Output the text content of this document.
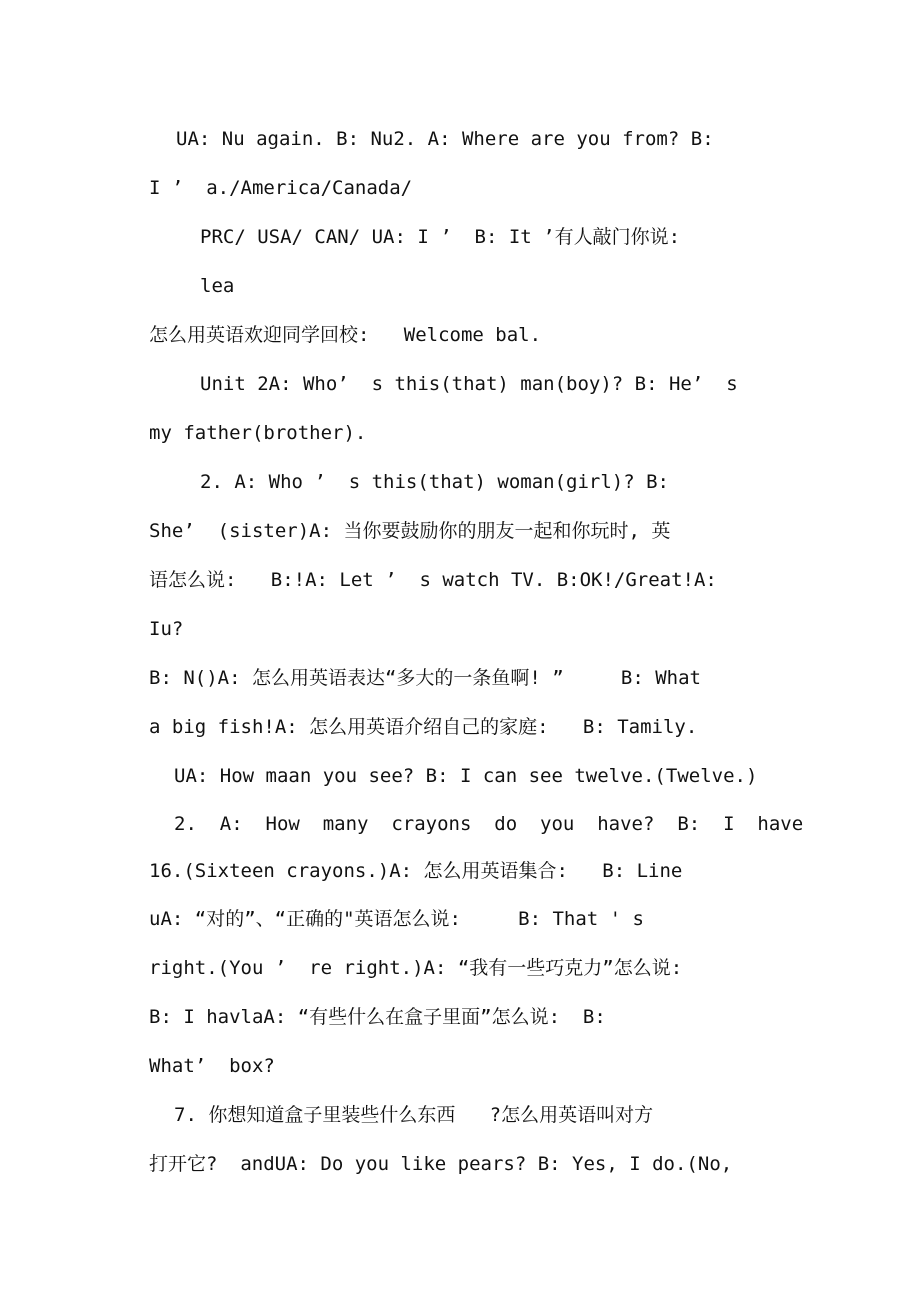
UA: Nu again. B: Nu2. A: Where are you from? B:
I ’  a./America/Canada/
PRC/ USA/ CAN/ UA: I ’  B: It ’有人敲门你说:
lea
怎么用英语欢迎同学回校:   Welcome bal.
Unit 2A: Who’  s this(that) man(boy)? B: He’  s
my father(brother).
2. A: Who ’  s this(that) woman(girl)? B:
She’  (sister)A: 当你要鼓励你的朋友一起和你玩时, 英
语怎么说:   B:!A: Let ’  s watch TV. B:OK!/Great!A:
Iu?
B: N()A: 怎么用英语表达“多大的一条鱼啊! ”     B: What
a big fish!A: 怎么用英语介绍自己的家庭:   B: Tamily.
UA: How maan you see? B: I can see twelve.(Twelve.)
2.  A:  How  many  crayons  do  you  have?  B:  I  have
16.(Sixteen crayons.)A: 怎么用英语集合:   B: Line
uA: “对的”、“正确的"英语怎么说:     B: That ' s
right.(You ’  re right.)A: “我有一些巧克力”怎么说:
B: I havlaA: “有些什么在盒子里面”怎么说:  B:
What’  box?
7. 你想知道盒子里装些什么东西   ?怎么用英语叫对方
打开它?  andUA: Do you like pears? B: Yes, I do.(No,
